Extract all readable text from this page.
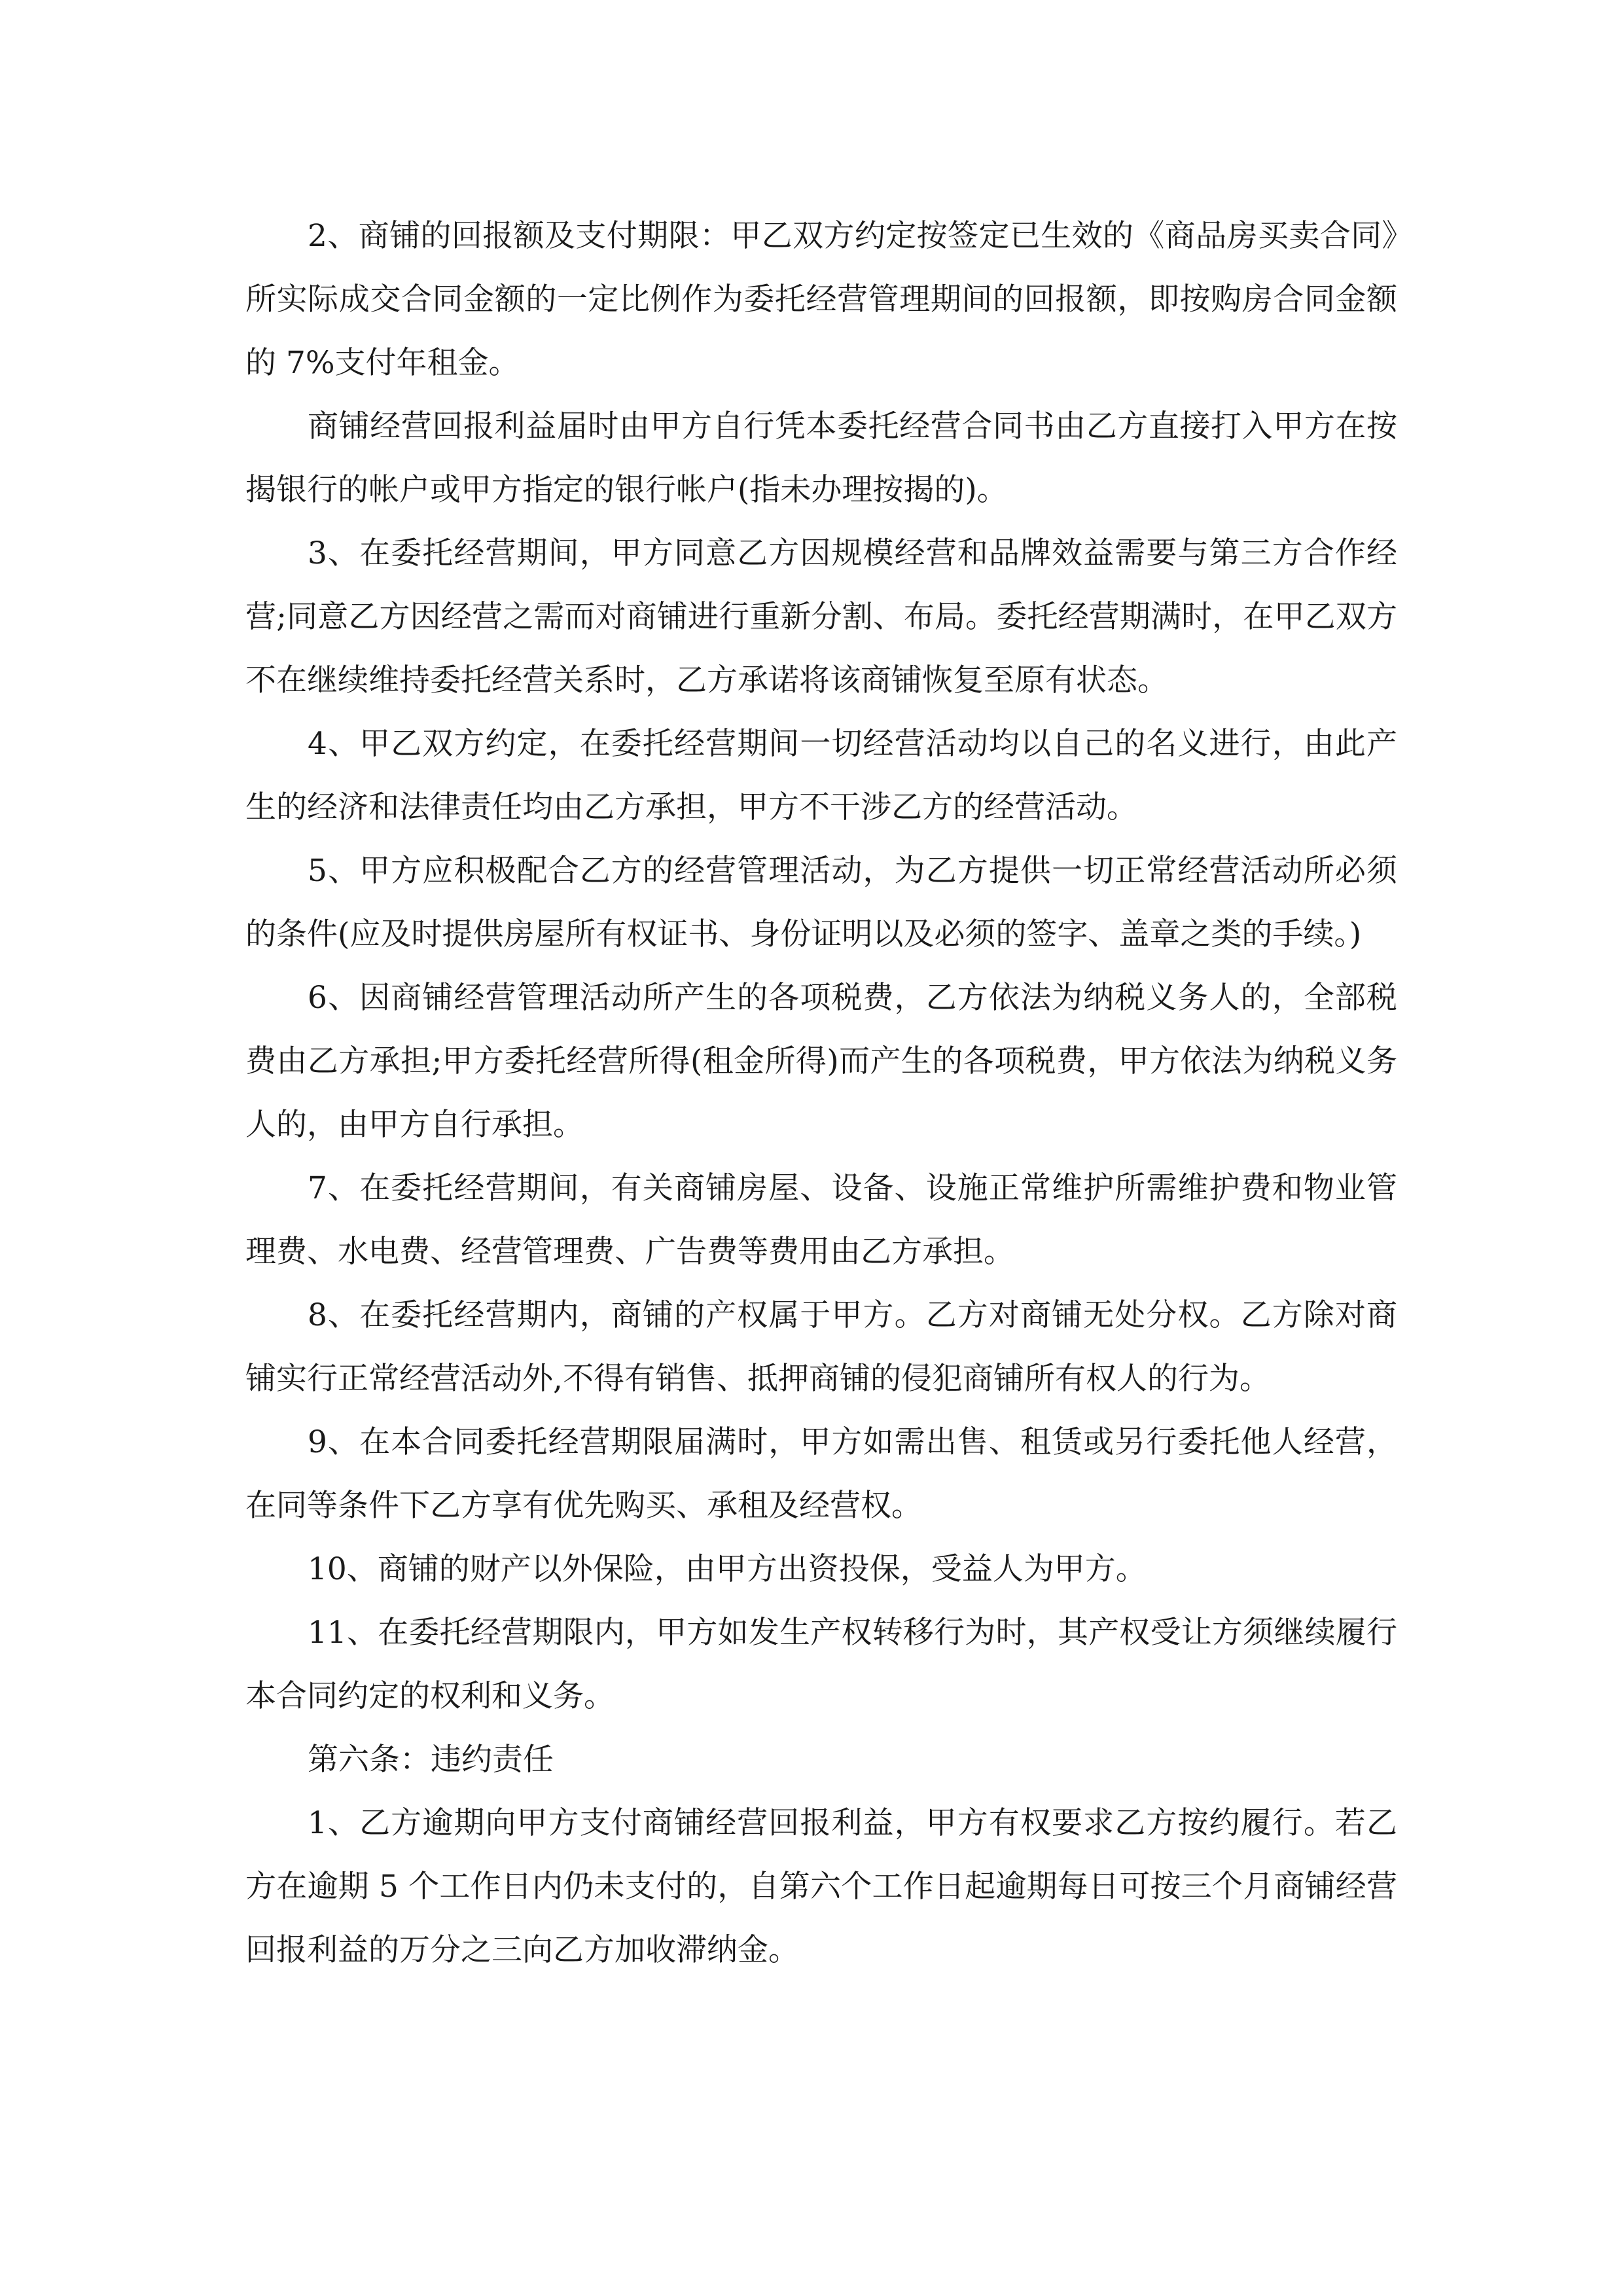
2、商铺的回报额及支付期限：甲乙双方约定按签定已生效的《商品房买卖合同》所实际成交合同金额的一定比例作为委托经营管理期间的回报额，即按购房合同金额的 7%支付年租金。

商铺经营回报利益届时由甲方自行凭本委托经营合同书由乙方直接打入甲方在按揭银行的帐户或甲方指定的银行帐户(指未办理按揭的)。

3、在委托经营期间，甲方同意乙方因规模经营和品牌效益需要与第三方合作经营;同意乙方因经营之需而对商铺进行重新分割、布局。委托经营期满时，在甲乙双方不在继续维持委托经营关系时，乙方承诺将该商铺恢复至原有状态。

4、甲乙双方约定，在委托经营期间一切经营活动均以自己的名义进行，由此产生的经济和法律责任均由乙方承担，甲方不干涉乙方的经营活动。

5、甲方应积极配合乙方的经营管理活动，为乙方提供一切正常经营活动所必须的条件(应及时提供房屋所有权证书、身份证明以及必须的签字、盖章之类的手续。)

6、因商铺经营管理活动所产生的各项税费，乙方依法为纳税义务人的，全部税费由乙方承担;甲方委托经营所得(租金所得)而产生的各项税费，甲方依法为纳税义务人的，由甲方自行承担。

7、在委托经营期间，有关商铺房屋、设备、设施正常维护所需维护费和物业管理费、水电费、经营管理费、广告费等费用由乙方承担。

8、在委托经营期内，商铺的产权属于甲方。乙方对商铺无处分权。乙方除对商铺实行正常经营活动外,不得有销售、抵押商铺的侵犯商铺所有权人的行为。

9、在本合同委托经营期限届满时，甲方如需出售、租赁或另行委托他人经营，在同等条件下乙方享有优先购买、承租及经营权。

10、商铺的财产以外保险，由甲方出资投保，受益人为甲方。

11、在委托经营期限内，甲方如发生产权转移行为时，其产权受让方须继续履行本合同约定的权利和义务。

第六条：违约责任

1、乙方逾期向甲方支付商铺经营回报利益，甲方有权要求乙方按约履行。若乙方在逾期 5 个工作日内仍未支付的，自第六个工作日起逾期每日可按三个月商铺经营回报利益的万分之三向乙方加收滞纳金。
